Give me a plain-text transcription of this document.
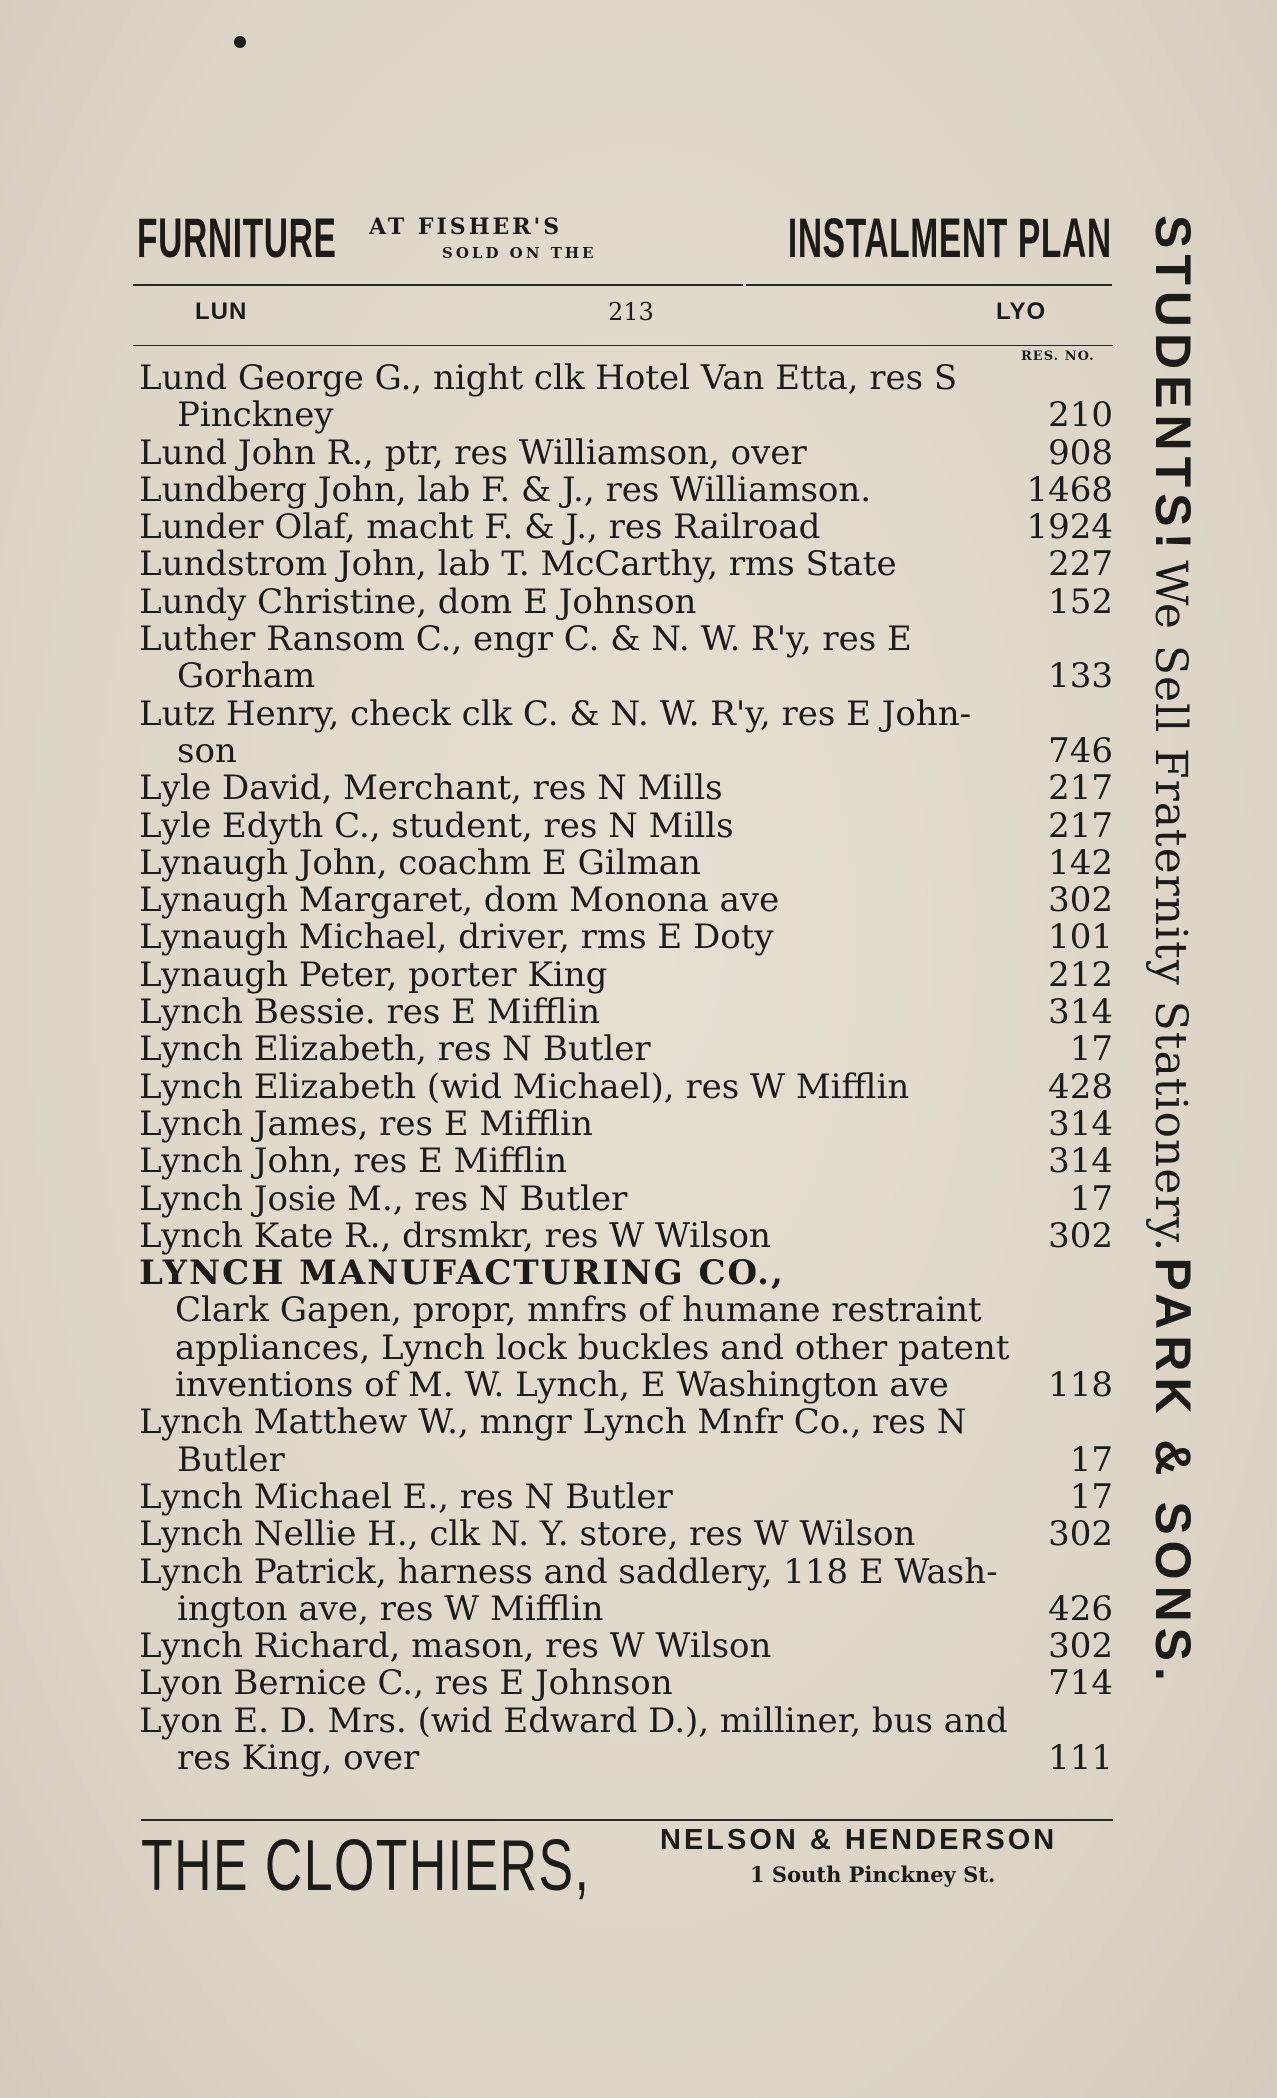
FURNITURE AT FISHER'S
SOLD ON THE	INSTALMENT PLAN
LUN	213	LYO
RES. NO.
Lund George G., night clk Hotel Van Etta, res S
Pinckney	210
Lund John R., ptr, res Williamson, over	908
Lundberg John, lab F. & J., res Williamson.	1468
Lunder Olaf, macht F. & J., res Railroad	1924
Lundstrom John, lab T. McCarthy, rms State	227
Lundy Christine, dom E Johnson	152
Luther Ransom C., engr C. & N. W. R'y, res E
Gorham	133
Lutz Henry, check clk C. & N. W. R'y, res E John-
son	746
Lyle David, Merchant, res N Mills	217
Lyle Edyth C., student, res N Mills	217
Lynaugh John, coachm E Gilman	142
Lynaugh Margaret, dom Monona ave	302
Lynaugh Michael, driver, rms E Doty	101
Lynaugh Peter, porter King	212
Lynch Bessie. res E Mifflin	314
Lynch Elizabeth, res N Butler	17
Lynch Elizabeth (wid Michael), res W Mifflin	428
Lynch James, res E Mifflin	314
Lynch John, res E Mifflin	314
Lynch Josie M., res N Butler	17
Lynch Kate R., drsmkr, res W Wilson	302
LYNCH MANUFACTURING CO.,
Clark Gapen, propr, mnfrs of humane restraint
appliances, Lynch lock buckles and other patent
inventions of M. W. Lynch, E Washington ave	118
Lynch Matthew W., mngr Lynch Mnfr Co., res N
Butler	17
Lynch Michael E., res N Butler	17
Lynch Nellie H., clk N. Y. store, res W Wilson	302
Lynch Patrick, harness and saddlery, 118 E Wash-
ington ave, res W Mifflin	426
Lynch Richard, mason, res W Wilson	302
Lyon Bernice C., res E Johnson	714
Lyon E. D. Mrs. (wid Edward D.), milliner, bus and
res King, over	111
STUDENTS! We Sell Fraternity Stationery. PARK & SONS.
THE CLOTHIERS, NELSON & HENDERSON
1 South Pinckney St.
